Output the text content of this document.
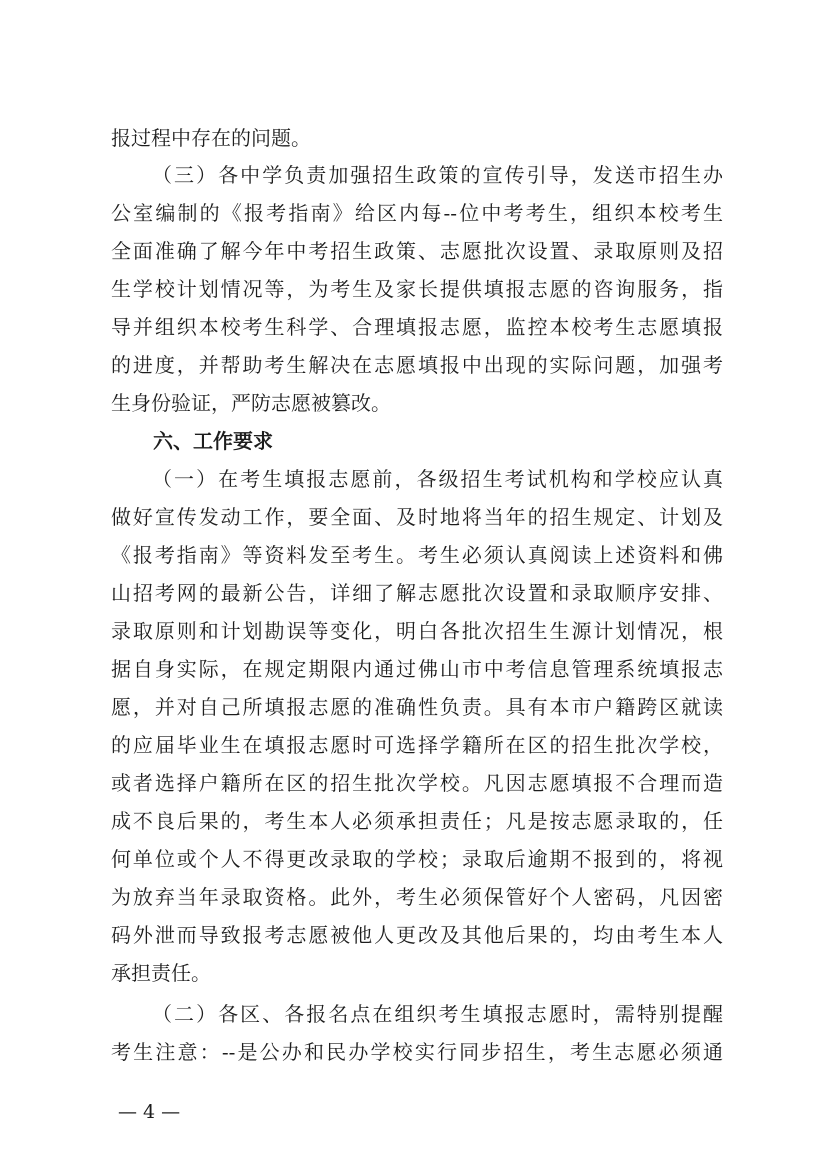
报过程中存在的问题。
（三）各中学负责加强招生政策的宣传引导，发送市招生办
公室编制的《报考指南》给区内每--位中考考生，组织本校考生
全面准确了解今年中考招生政策、志愿批次设置、录取原则及招
生学校计划情况等，为考生及家长提供填报志愿的咨询服务，指
导并组织本校考生科学、合理填报志愿，监控本校考生志愿填报
的进度，并帮助考生解决在志愿填报中出现的实际问题，加强考
生身份验证，严防志愿被篡改。
六、工作要求
（一）在考生填报志愿前，各级招生考试机构和学校应认真
做好宣传发动工作，要全面、及时地将当年的招生规定、计划及
《报考指南》等资料发至考生。考生必须认真阅读上述资料和佛
山招考网的最新公告，详细了解志愿批次设置和录取顺序安排、
录取原则和计划勘误等变化，明白各批次招生生源计划情况，根
据自身实际，在规定期限内通过佛山市中考信息管理系统填报志
愿，并对自己所填报志愿的准确性负责。具有本市户籍跨区就读
的应届毕业生在填报志愿时可选择学籍所在区的招生批次学校，
或者选择户籍所在区的招生批次学校。凡因志愿填报不合理而造
成不良后果的，考生本人必须承担责任；凡是按志愿录取的，任
何单位或个人不得更改录取的学校；录取后逾期不报到的，将视
为放弃当年录取资格。此外，考生必须保管好个人密码，凡因密
码外泄而导致报考志愿被他人更改及其他后果的，均由考生本人
承担责任。
（二）各区、各报名点在组织考生填报志愿时，需特别提醒
考生注意：--是公办和民办学校实行同步招生，考生志愿必须通
— 4 —
